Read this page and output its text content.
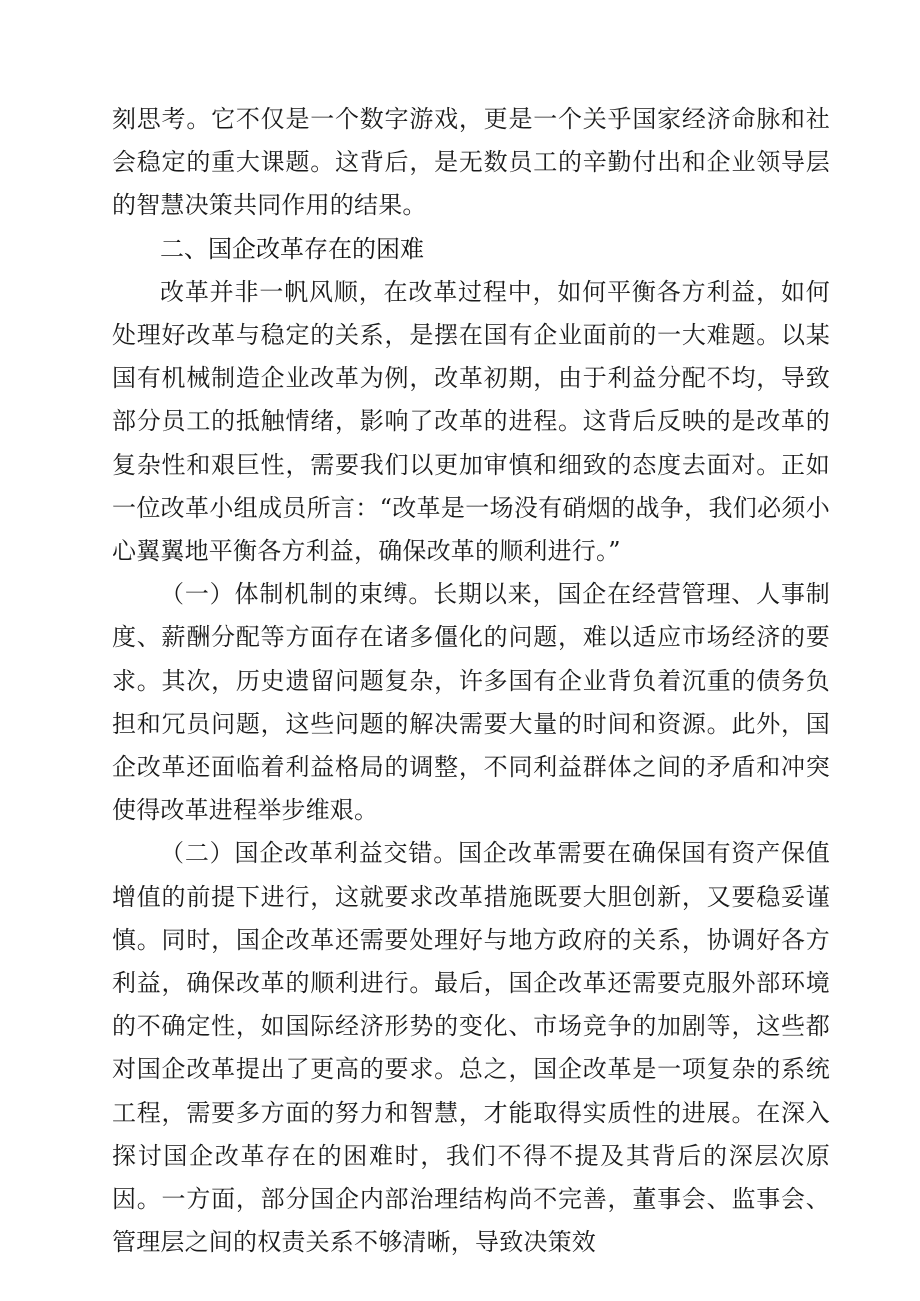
刻思考。它不仅是一个数字游戏，更是一个关乎国家经济命脉和社会稳定的重大课题。这背后，是无数员工的辛勤付出和企业领导层的智慧决策共同作用的结果。

二、国企改革存在的困难

改革并非一帆风顺，在改革过程中，如何平衡各方利益，如何处理好改革与稳定的关系，是摆在国有企业面前的一大难题。以某国有机械制造企业改革为例，改革初期，由于利益分配不均，导致部分员工的抵触情绪，影响了改革的进程。这背后反映的是改革的复杂性和艰巨性，需要我们以更加审慎和细致的态度去面对。正如一位改革小组成员所言：“改革是一场没有硝烟的战争，我们必须小心翼翼地平衡各方利益，确保改革的顺利进行。”

（一）体制机制的束缚。长期以来，国企在经营管理、人事制度、薪酬分配等方面存在诸多僵化的问题，难以适应市场经济的要求。其次，历史遗留问题复杂，许多国有企业背负着沉重的债务负担和冗员问题，这些问题的解决需要大量的时间和资源。此外，国企改革还面临着利益格局的调整，不同利益群体之间的矛盾和冲突使得改革进程举步维艰。

（二）国企改革利益交错。国企改革需要在确保国有资产保值增值的前提下进行，这就要求改革措施既要大胆创新，又要稳妥谨慎。同时，国企改革还需要处理好与地方政府的关系，协调好各方利益，确保改革的顺利进行。最后，国企改革还需要克服外部环境的不确定性，如国际经济形势的变化、市场竞争的加剧等，这些都对国企改革提出了更高的要求。总之，国企改革是一项复杂的系统工程，需要多方面的努力和智慧，才能取得实质性的进展。在深入探讨国企改革存在的困难时，我们不得不提及其背后的深层次原因。一方面，部分国企内部治理结构尚不完善，董事会、监事会、管理层之间的权责关系不够清晰，导致决策效
